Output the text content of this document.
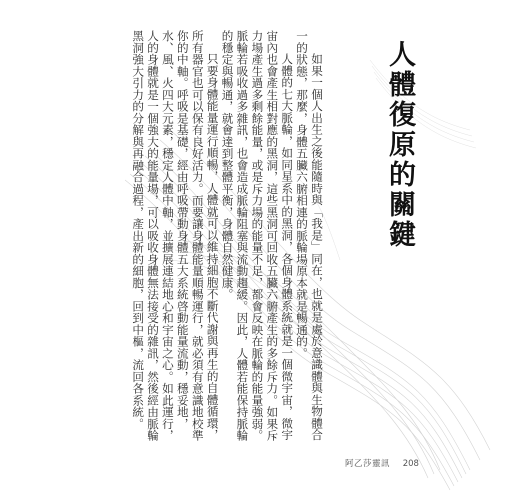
人體復原的關鍵

如果一個人出生之後能隨時與「我是」同在，也就是處於意識體與生物體合一的狀態，那麼，身體五臟六腑相連的脈輪場原本就是暢通的。

人體的七大脈輪，如同星系中的黑洞，各個身體系統就是一個微宇宙，微宇宙內也會產生相對應的黑洞，這些黑洞可回收五臟六腑產生的多餘斥力。如果斥力場產生過多剩餘能量，或是斥力場的能量不足，都會反映在脈輪的能量強弱。脈輪若吸收過多雜訊，也會造成脈輪阻塞與流動趨緩。因此，人體若能保持脈輪的穩定與暢通，就會達到整體平衡，身體自然健康。

只要身體能量運行順暢，人體就可以維持細胞不斷代謝與再生的自體循環，所有器官也可以保有良好活力。而要讓身體能量順暢運行，就必須有意識地校準你的中軸。呼吸是基礎，經由呼吸帶動身體五大系統啓動能量流動，穩妥地，水、風、火四大元素，穩定人體中軸，並擴展連結地心和宇宙之心。如此運行，人的身體就是一個強大的能量場，可以吸收身體無法接受的雜訊，然後經由脈輪黑洞強大引力的分解與再融合過程，產出新的細胞，回到中樞，流回各系統。

阿乙莎靈訊 208
